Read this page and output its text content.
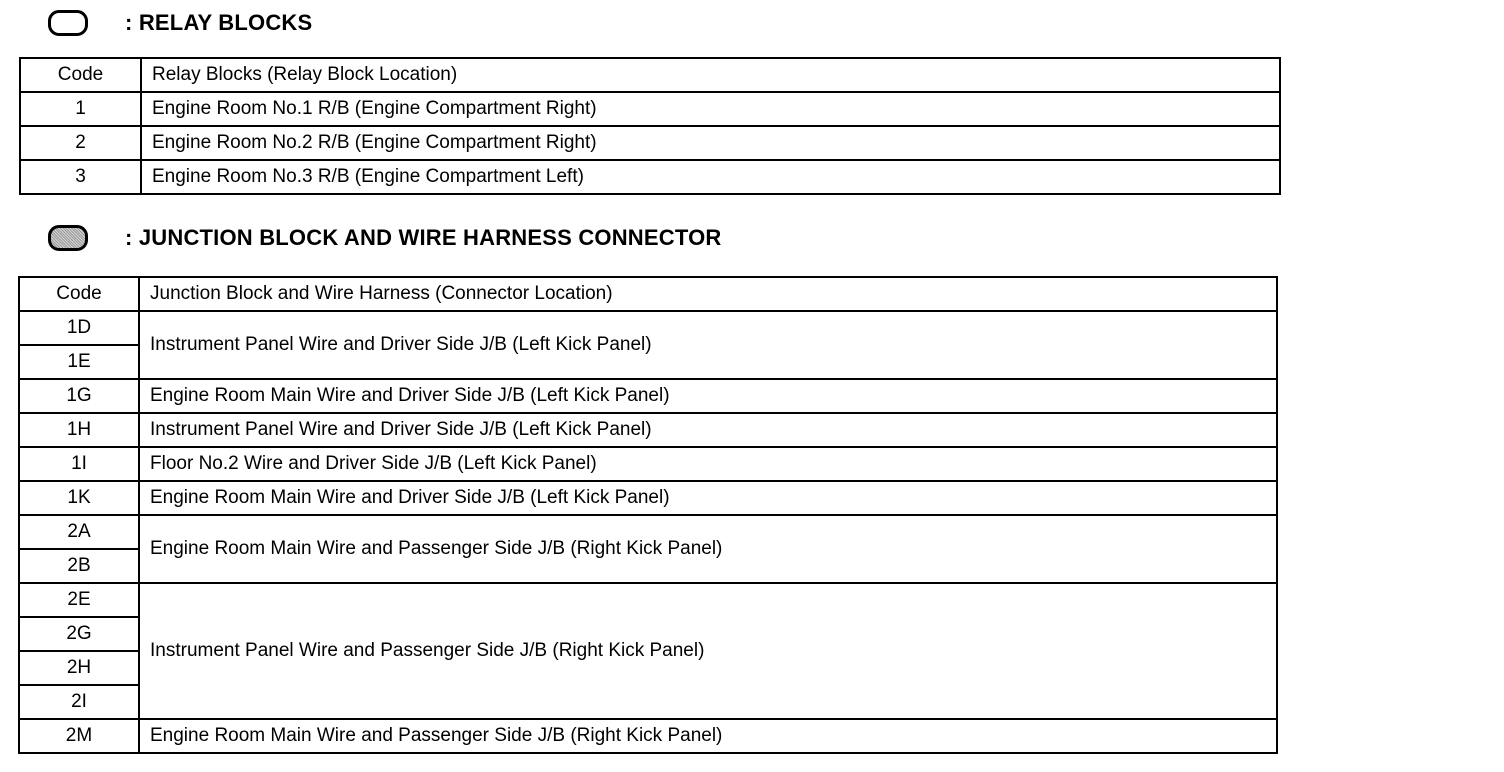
: RELAY BLOCKS
Code	Relay Blocks (Relay Block Location)
1	Engine Room No.1 R/B (Engine Compartment Right)
2	Engine Room No.2 R/B (Engine Compartment Right)
3	Engine Room No.3 R/B (Engine Compartment Left)
: JUNCTION BLOCK AND WIRE HARNESS CONNECTOR
Code	Junction Block and Wire Harness (Connector Location)
1D	Instrument Panel Wire and Driver Side J/B (Left Kick Panel)
1E	
1G	Engine Room Main Wire and Driver Side J/B (Left Kick Panel)
1H	Instrument Panel Wire and Driver Side J/B (Left Kick Panel)
1I	Floor No.2 Wire and Driver Side J/B (Left Kick Panel)
1K	Engine Room Main Wire and Driver Side J/B (Left Kick Panel)
2A	Engine Room Main Wire and Passenger Side J/B (Right Kick Panel)
2B	
2E	Instrument Panel Wire and Passenger Side J/B (Right Kick Panel)
2G	
2H	
2I	
2M	Engine Room Main Wire and Passenger Side J/B (Right Kick Panel)
